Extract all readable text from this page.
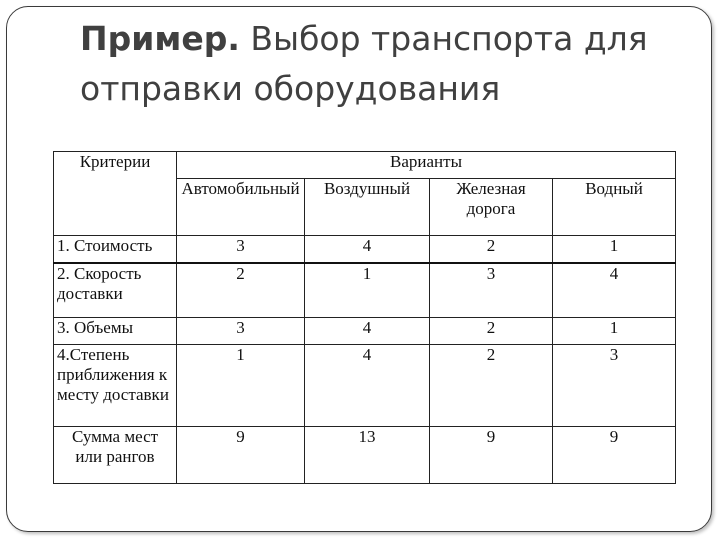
Пример. Выбор транспорта для отправки оборудования
Критерии	Варианты			
	Автомобильный	Воздушный	Железная дорога	Водный
1. Стоимость	3	4	2	1
2. Скорость доставки	2	1	3	4
3. Объемы	3	4	2	1
4.Степень приближения к месту доставки	1	4	2	3
Сумма мест или рангов	9	13	9	9
